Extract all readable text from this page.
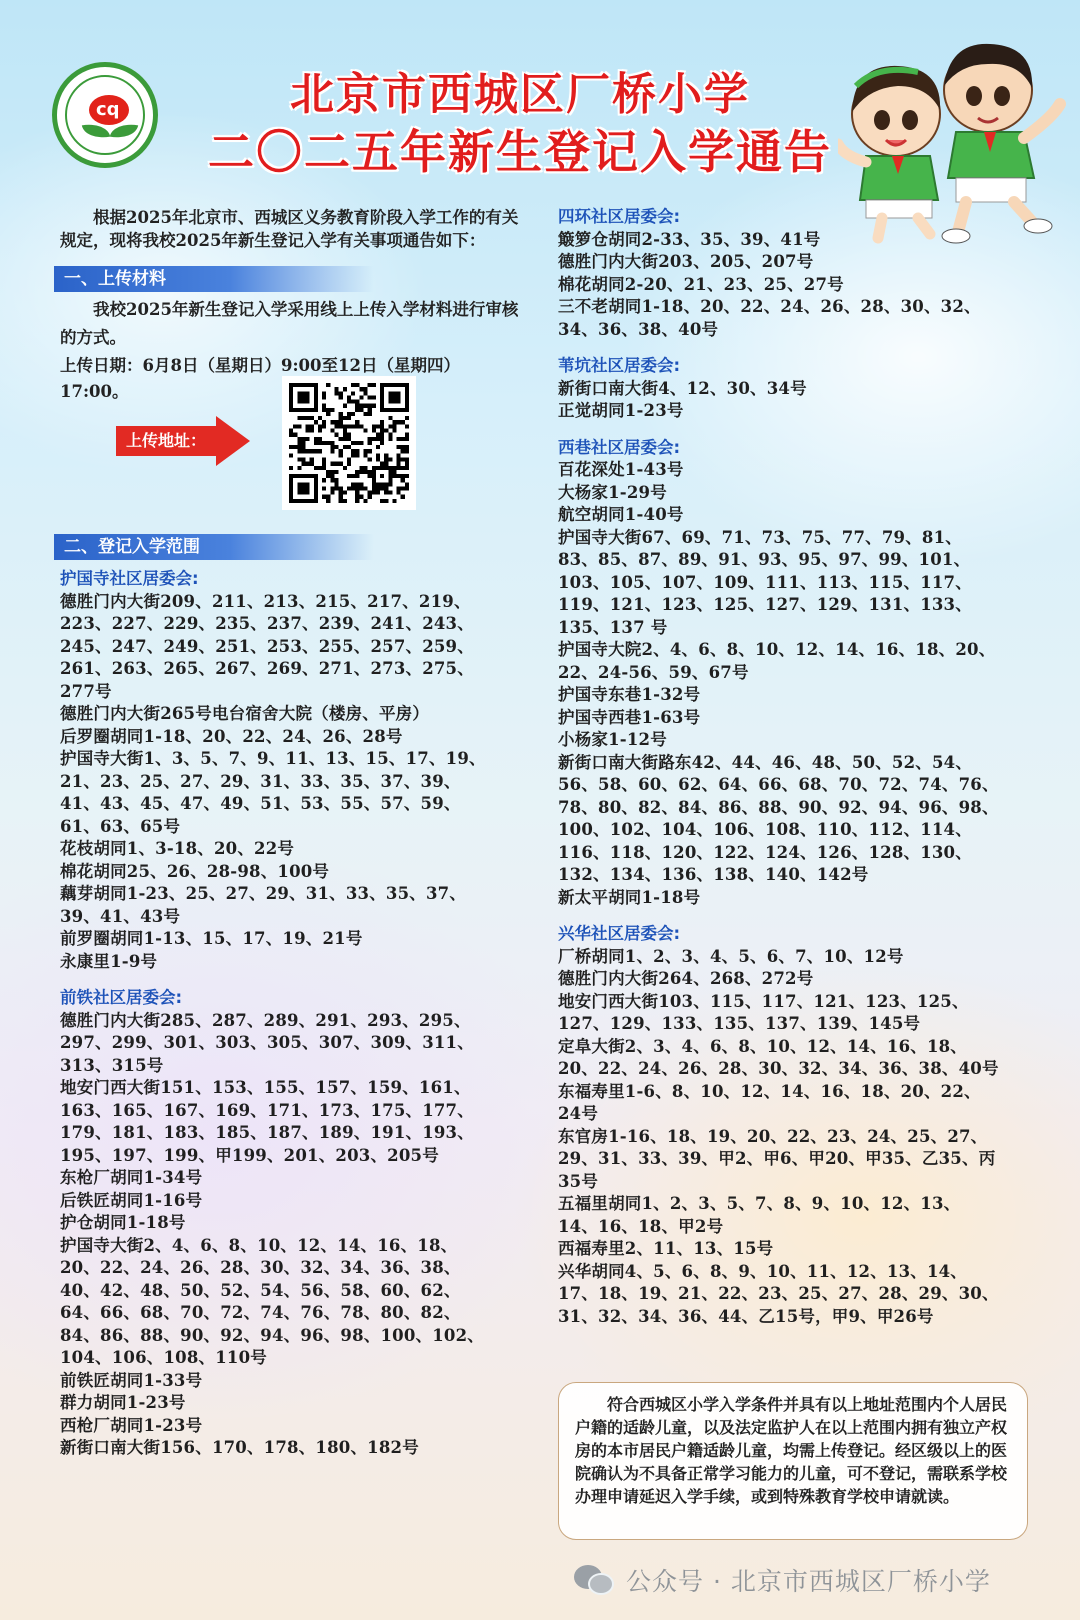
cq	北京市西城区厂桥小学
二〇二五年新生登记入学通告

根据2025年北京市、西城区义务教育阶段入学工作的有关规定，现将我校2025年新生登记入学有关事项通告如下：

一、上传材料

我校2025年新生登记入学采用线上上传入学材料进行审核的方式。

上传日期：6月8日（星期日）9:00至12日（星期四）

17:00。

上传地址：
二、登记入学范围
护国寺社区居委会:
德胜门内大街209、211、213、215、217、219、
223、227、229、235、237、239、241、243、
245、247、249、251、253、255、257、259、
261、263、265、267、269、271、273、275、
277号
德胜门内大街265号电台宿舍大院（楼房、平房）
后罗圈胡同1-18、20、22、24、26、28号
护国寺大街1、3、5、7、9、11、13、15、17、19、
21、23、25、27、29、31、33、35、37、39、
41、43、45、47、49、51、53、55、57、59、
61、63、65号
花枝胡同1、3-18、20、22号
棉花胡同25、26、28-98、100号
藕芽胡同1-23、25、27、29、31、33、35、37、
39、41、43号
前罗圈胡同1-13、15、17、19、21号
永康里1-9号
前铁社区居委会:
德胜门内大街285、287、289、291、293、295、
297、299、301、303、305、307、309、311、
313、315号
地安门西大街151、153、155、157、159、161、
163、165、167、169、171、173、175、177、
179、181、183、185、187、189、191、193、
195、197、199、甲199、201、203、205号
东枪厂胡同1-34号
后铁匠胡同1-16号
护仓胡同1-18号
护国寺大街2、4、6、8、10、12、14、16、18、
20、22、24、26、28、30、32、34、36、38、
40、42、48、50、52、54、56、58、60、62、
64、66、68、70、72、74、76、78、80、82、
84、86、88、90、92、94、96、98、100、102、
104、106、108、110号
前铁匠胡同1-33号
群力胡同1-23号
西枪厂胡同1-23号
新街口南大街156、170、178、180、182号
四环社区居委会:
簸箩仓胡同2-33、35、39、41号
德胜门内大街203、205、207号
棉花胡同2-20、21、23、25、27号
三不老胡同1-18、20、22、24、26、28、30、32、
34、36、38、40号
苇坑社区居委会:
新街口南大街4、12、30、34号
正觉胡同1-23号
西巷社区居委会:
百花深处1-43号
大杨家1-29号
航空胡同1-40号
护国寺大街67、69、71、73、75、77、79、81、
83、85、87、89、91、93、95、97、99、101、
103、105、107、109、111、113、115、117、
119、121、123、125、127、129、131、133、
135、137 号
护国寺大院2、4、6、8、10、12、14、16、18、20、
22、24-56、59、67号
护国寺东巷1-32号
护国寺西巷1-63号
小杨家1-12号
新街口南大街路东42、44、46、48、50、52、54、
56、58、60、62、64、66、68、70、72、74、76、
78、80、82、84、86、88、90、92、94、96、98、
100、102、104、106、108、110、112、114、
116、118、120、122、124、126、128、130、
132、134、136、138、140、142号
新太平胡同1-18号
兴华社区居委会:
厂桥胡同1、2、3、4、5、6、7、10、12号
德胜门内大街264、268、272号
地安门西大街103、115、117、121、123、125、
127、129、133、135、137、139、145号
定阜大街2、3、4、6、8、10、12、14、16、18、
20、22、24、26、28、30、32、34、36、38、40号
东福寿里1-6、8、10、12、14、16、18、20、22、
24号
东官房1-16、18、19、20、22、23、24、25、27、
29、31、33、39、甲2、甲6、甲20、甲35、乙35、丙
35号
五福里胡同1、2、3、5、7、8、9、10、12、13、
14、16、18、甲2号
西福寿里2、11、13、15号
兴华胡同4、5、6、8、9、10、11、12、13、14、
17、18、19、21、22、23、25、27、28、29、30、
31、32、34、36、44、乙15号，甲9、甲26号

符合西城区小学入学条件并具有以上地址范围内个人居民户籍的适龄儿童，以及法定监护人在以上范围内拥有独立产权房的本市居民户籍适龄儿童，均需上传登记。经区级以上的医院确认为不具备正常学习能力的儿童，可不登记，需联系学校办理申请延迟入学手续，或到特殊教育学校申请就读。

公众号 · 北京市西城区厂桥小学
